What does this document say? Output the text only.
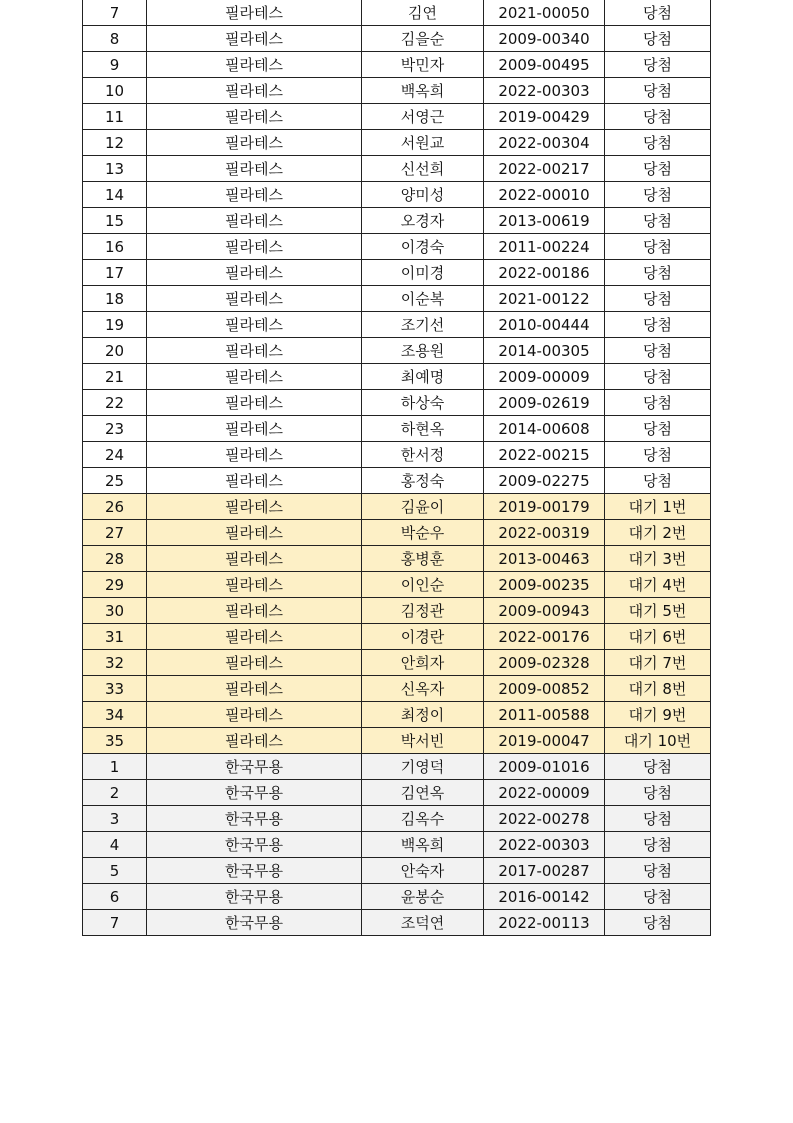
7	필라테스	김연	2021-00050	당첨
8	필라테스	김을순	2009-00340	당첨
9	필라테스	박민자	2009-00495	당첨
10	필라테스	백옥희	2022-00303	당첨
11	필라테스	서영근	2019-00429	당첨
12	필라테스	서원교	2022-00304	당첨
13	필라테스	신선희	2022-00217	당첨
14	필라테스	양미성	2022-00010	당첨
15	필라테스	오경자	2013-00619	당첨
16	필라테스	이경숙	2011-00224	당첨
17	필라테스	이미경	2022-00186	당첨
18	필라테스	이순복	2021-00122	당첨
19	필라테스	조기선	2010-00444	당첨
20	필라테스	조용원	2014-00305	당첨
21	필라테스	최예명	2009-00009	당첨
22	필라테스	하상숙	2009-02619	당첨
23	필라테스	하현옥	2014-00608	당첨
24	필라테스	한서정	2022-00215	당첨
25	필라테스	홍정숙	2009-02275	당첨
26	필라테스	김윤이	2019-00179	대기 1번
27	필라테스	박순우	2022-00319	대기 2번
28	필라테스	홍병훈	2013-00463	대기 3번
29	필라테스	이인순	2009-00235	대기 4번
30	필라테스	김정관	2009-00943	대기 5번
31	필라테스	이경란	2022-00176	대기 6번
32	필라테스	안희자	2009-02328	대기 7번
33	필라테스	신옥자	2009-00852	대기 8번
34	필라테스	최정이	2011-00588	대기 9번
35	필라테스	박서빈	2019-00047	대기 10번
1	한국무용	기영덕	2009-01016	당첨
2	한국무용	김연옥	2022-00009	당첨
3	한국무용	김옥수	2022-00278	당첨
4	한국무용	백옥희	2022-00303	당첨
5	한국무용	안숙자	2017-00287	당첨
6	한국무용	윤봉순	2016-00142	당첨
7	한국무용	조덕연	2022-00113	당첨
